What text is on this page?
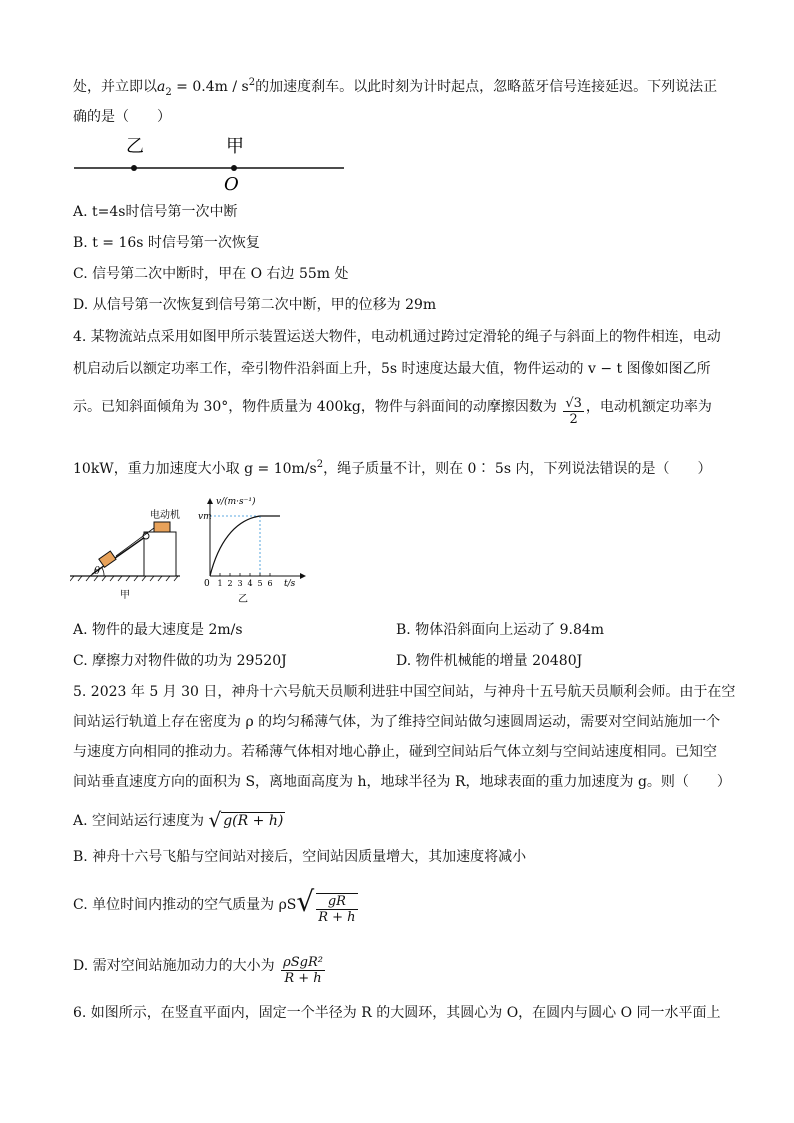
处，并立即以$a_2 = 0.4m / s^2$的加速度刹车。以此时刻为计时起点，忽略蓝牙信号连接延迟。下列说法正
确的是（　　）
乙	甲
O
A. t=4s时信号第一次中断
B. t = 16s 时信号第一次恢复
C. 信号第二次中断时，甲在 O 右边 55m 处
D. 从信号第一次恢复到信号第二次中断，甲的位移为 29m
4. 某物流站点采用如图甲所示装置运送大物件，电动机通过跨过定滑轮的绳子与斜面上的物件相连，电动
机启动后以额定功率工作，牵引物件沿斜面上升，5s 时速度达最大值，物件运动的 v − t 图像如图乙所
示。已知斜面倾角为 30°，物件质量为 400kg，物件与斜面间的动摩擦因数为 $\frac{√3}{2}$ ，电动机额定功率为
10kW，重力加速度大小取 $g = 10m/s^2$，绳子质量不计，则在 0∶ 5s 内，下列说法错误的是（　　）
θ
电动机
甲
1 2 3 4 5 6
v/(m·s⁻¹)
vm
0	t/s
乙
A. 物件的最大速度是 2m/s	B. 物体沿斜面向上运动了 9.84m
C. 摩擦力对物件做的功为 29520J	D. 物件机械能的增量 20480J
5. 2023 年 5 月 30 日，神舟十六号航天员顺利进驻中国空间站，与神舟十五号航天员顺利会师。由于在空
间站运行轨道上存在密度为 ρ 的均匀稀薄气体，为了维持空间站做匀速圆周运动，需要对空间站施加一个
与速度方向相同的推动力。若稀薄气体相对地心静止，碰到空间站后气体立刻与空间站速度相同。已知空
间站垂直速度方向的面积为 S，离地面高度为 h，地球半径为 R，地球表面的重力加速度为 g。则（　　）
A. 空间站运行速度为 √ g(R + h)
B. 神舟十六号飞船与空间站对接后，空间站因质量增大，其加速度将减小
C. 单位时间内推动的空气质量为 $\rho S√ \frac{gR}{R + h}$
D. 需对空间站施加动力的大小为 $\frac{\text{ρSgR²}}{R + h}$
6. 如图所示，在竖直平面内，固定一个半径为 R 的大圆环，其圆心为 O，在圆内与圆心 O 同一水平面上
